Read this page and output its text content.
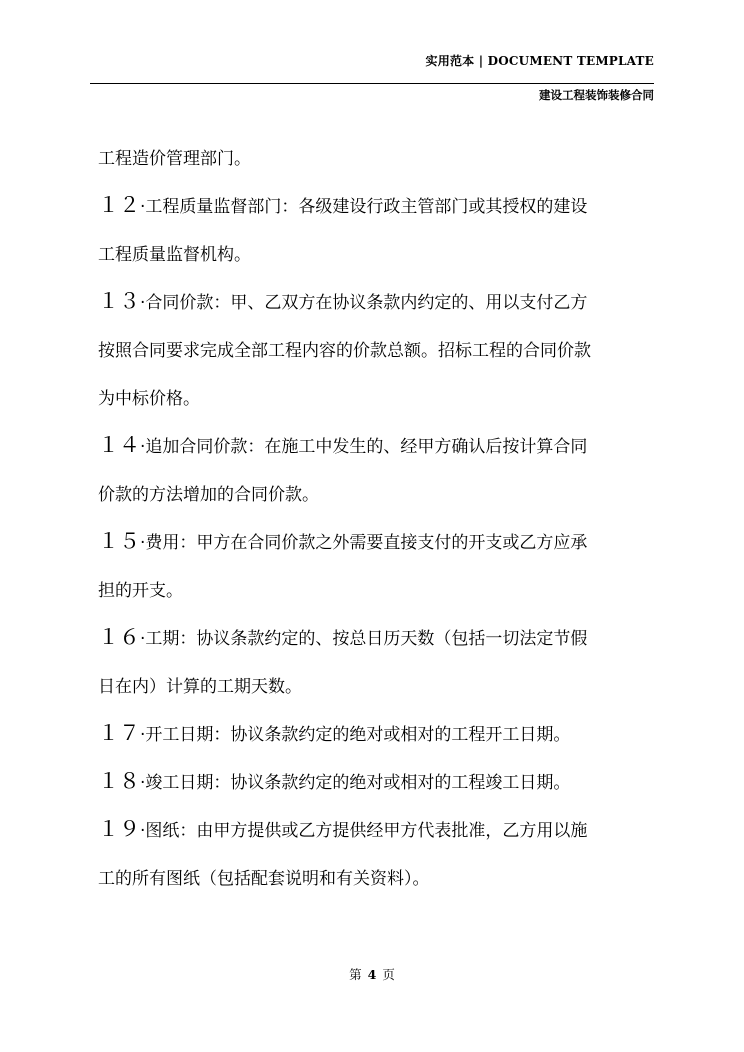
实用范本 | DOCUMENT TEMPLATE
建设工程装饰装修合同
工程造价管理部门。
１２·工程质量监督部门：各级建设行政主管部门或其授权的建设
工程质量监督机构。
１３·合同价款：甲、乙双方在协议条款内约定的、用以支付乙方
按照合同要求完成全部工程内容的价款总额。招标工程的合同价款
为中标价格。
１４·追加合同价款：在施工中发生的、经甲方确认后按计算合同
价款的方法增加的合同价款。
１５·费用：甲方在合同价款之外需要直接支付的开支或乙方应承
担的开支。
１６·工期：协议条款约定的、按总日历天数（包括一切法定节假
日在内）计算的工期天数。
１７·开工日期：协议条款约定的绝对或相对的工程开工日期。
１８·竣工日期：协议条款约定的绝对或相对的工程竣工日期。
１９·图纸：由甲方提供或乙方提供经甲方代表批准，乙方用以施
工的所有图纸（包括配套说明和有关资料）。
第 4 页
